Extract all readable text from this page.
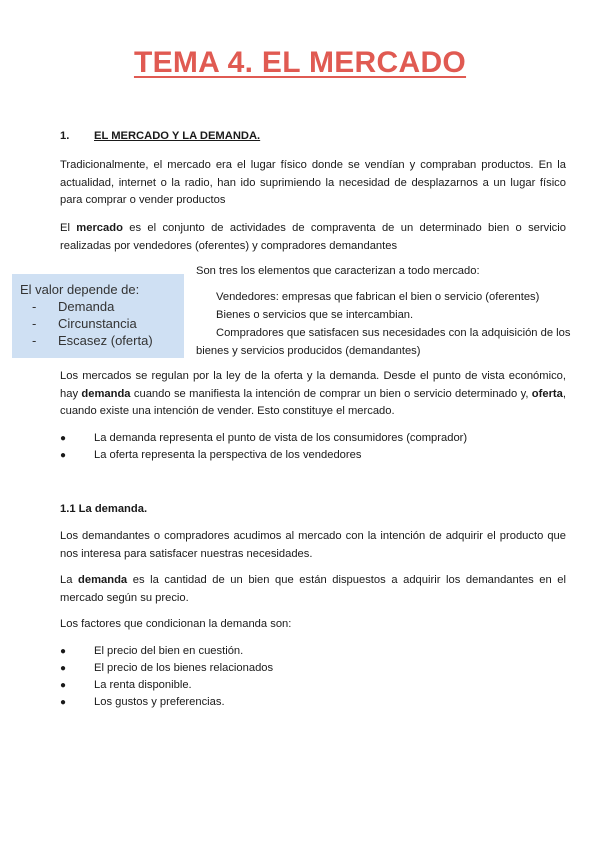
TEMA 4. EL MERCADO
1. EL MERCADO Y LA DEMANDA.
Tradicionalmente, el mercado era el lugar físico donde se vendían y compraban productos. En la actualidad, internet o la radio, han ido suprimiendo la necesidad de desplazarnos a un lugar físico para comprar o vender productos
El mercado es el conjunto de actividades de compraventa de un determinado bien o servicio realizadas por vendedores (oferentes) y compradores demandantes
El valor depende de:
- Demanda
- Circunstancia
- Escasez (oferta)
Son tres los elementos que caracterizan a todo mercado:
Vendedores: empresas que fabrican el bien o servicio (oferentes)
Bienes o servicios que se intercambian.
Compradores que satisfacen sus necesidades con la adquisición de los
bienes y servicios producidos (demandantes)
Los mercados se regulan por la ley de la oferta y la demanda. Desde el punto de vista económico, hay demanda cuando se manifiesta la intención de comprar un bien o servicio determinado y, oferta, cuando existe una intención de vender. Esto constituye el mercado.
● La demanda representa el punto de vista de los consumidores (comprador)
● La oferta representa la perspectiva de los vendedores
1.1 La demanda.
Los demandantes o compradores acudimos al mercado con la intención de adquirir el producto que nos interesa para satisfacer nuestras necesidades.
La demanda es la cantidad de un bien que están dispuestos a adquirir los demandantes en el mercado según su precio.
Los factores que condicionan la demanda son:
● El precio del bien en cuestión.
● El precio de los bienes relacionados
● La renta disponible.
● Los gustos y preferencias.
